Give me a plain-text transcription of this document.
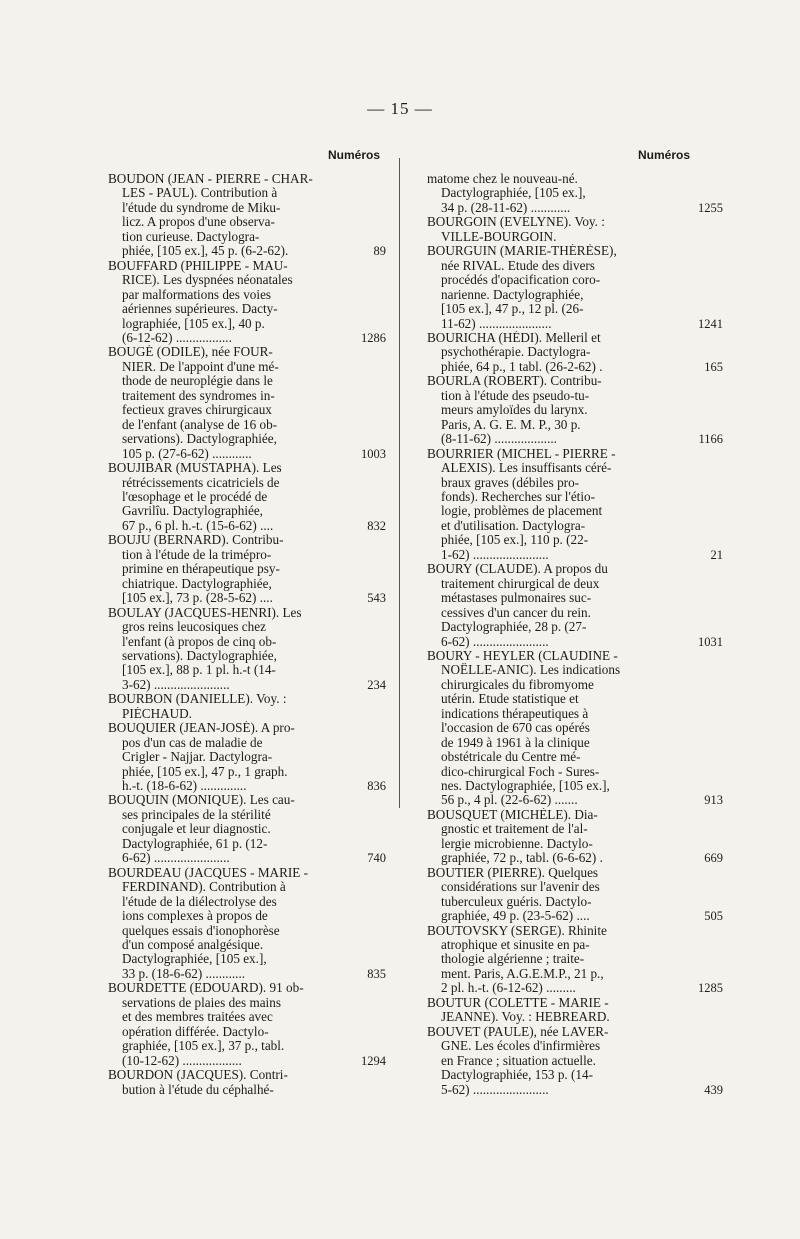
— 15 —
Numéros	Numéros
BOUDON (JEAN - PIERRE - CHAR-
LES - PAUL). Contribution à
l'étude du syndrome de Miku-
licz. A propos d'une observa-
tion curieuse. Dactylogra-
phiée, [105 ex.], 45 p. (6-2-62).	89
BOUFFARD (PHILIPPE - MAU-
RICE). Les dyspnées néonatales
par malformations des voies
aériennes supérieures. Dacty-
lographiée, [105 ex.], 40 p.
(6-12-62) .................	1286
BOUGÉ (ODILE), née FOUR-
NIER. De l'appoint d'une mé-
thode de neuroplégie dans le
traitement des syndromes in-
fectieux graves chirurgicaux
de l'enfant (analyse de 16 ob-
servations). Dactylographiée,
105 p. (27-6-62) ............	1003
BOUJIBAR (MUSTAPHA). Les
rétrécissements cicatriciels de
l'œsophage et le procédé de
Gavrilîu. Dactylographiée,
67 p., 6 pl. h.-t. (15-6-62) ....	832
BOUJU (BERNARD). Contribu-
tion à l'étude de la trimépro-
primine en thérapeutique psy-
chiatrique. Dactylographiée,
[105 ex.], 73 p. (28-5-62) ....	543
BOULAY (JACQUES-HENRI). Les
gros reins leucosiques chez
l'enfant (à propos de cinq ob-
servations). Dactylographiée,
[105 ex.], 88 p. 1 pl. h.-t (14-
3-62) .......................	234
BOURBON (DANIELLE). Voy. :
PIÉCHAUD.
BOUQUIER (JEAN-JOSÉ). A pro-
pos d'un cas de maladie de
Crigler - Najjar. Dactylogra-
phiée, [105 ex.], 47 p., 1 graph.
h.-t. (18-6-62) ..............	836
BOUQUIN (MONIQUE). Les cau-
ses principales de la stérilité
conjugale et leur diagnostic.
Dactylographiée, 61 p. (12-
6-62) .......................	740
BOURDEAU (JACQUES - MARIE -
FERDINAND). Contribution à
l'étude de la diélectrolyse des
ions complexes à propos de
quelques essais d'ionophorèse
d'un composé analgésique.
Dactylographiée, [105 ex.],
33 p. (18-6-62) ............	835
BOURDETTE (EDOUARD). 91 ob-
servations de plaies des mains
et des membres traitées avec
opération différée. Dactylo-
graphiée, [105 ex.], 37 p., tabl.
(10-12-62) ..................	1294
BOURDON (JACQUES). Contri-
bution à l'étude du céphalhé-
matome chez le nouveau-né.
Dactylographiée, [105 ex.],
34 p. (28-11-62) ............	1255
BOURGOIN (EVELYNE). Voy. :
VILLE-BOURGOIN.
BOURGUIN (MARIE-THÉRÈSE),
née RIVAL. Etude des divers
procédés d'opacification coro-
narienne. Dactylographiée,
[105 ex.], 47 p., 12 pl. (26-
11-62) ......................	1241
BOURICHA (HÉDI). Melleril et
psychothérapie. Dactylogra-
phiée, 64 p., 1 tabl. (26-2-62) .	165
BOURLA (ROBERT). Contribu-
tion à l'étude des pseudo-tu-
meurs amyloïdes du larynx.
Paris, A. G. E. M. P., 30 p.
(8-11-62) ...................	1166
BOURRIER (MICHEL - PIERRE -
ALEXIS). Les insuffisants céré-
braux graves (débiles pro-
fonds). Recherches sur l'étio-
logie, problèmes de placement
et d'utilisation. Dactylogra-
phiée, [105 ex.], 110 p. (22-
1-62) .......................	21
BOURY (CLAUDE). A propos du
traitement chirurgical de deux
métastases pulmonaires suc-
cessives d'un cancer du rein.
Dactylographiée, 28 p. (27-
6-62) .......................	1031
BOURY - HEYLER (CLAUDINE -
NOËLLE-ANIC). Les indications
chirurgicales du fibromyome
utérin. Etude statistique et
indications thérapeutiques à
l'occasion de 670 cas opérés
de 1949 à 1961 à la clinique
obstétricale du Centre mé-
dico-chirurgical Foch - Sures-
nes. Dactylographiée, [105 ex.],
56 p., 4 pl. (22-6-62) .......	913
BOUSQUET (MICHÈLE). Dia-
gnostic et traitement de l'al-
lergie microbienne. Dactylo-
graphiée, 72 p., tabl. (6-6-62) .	669
BOUTIER (PIERRE). Quelques
considérations sur l'avenir des
tuberculeux guéris. Dactylo-
graphiée, 49 p. (23-5-62) ....	505
BOUTOVSKY (SERGE). Rhinite
atrophique et sinusite en pa-
thologie algérienne ; traite-
ment. Paris, A.G.E.M.P., 21 p.,
2 pl. h.-t. (6-12-62) .........	1285
BOUTUR (COLETTE - MARIE -
JEANNE). Voy. : HEBREARD.
BOUVET (PAULE), née LAVER-
GNE. Les écoles d'infirmières
en France ; situation actuelle.
Dactylographiée, 153 p. (14-
5-62) .......................	439
